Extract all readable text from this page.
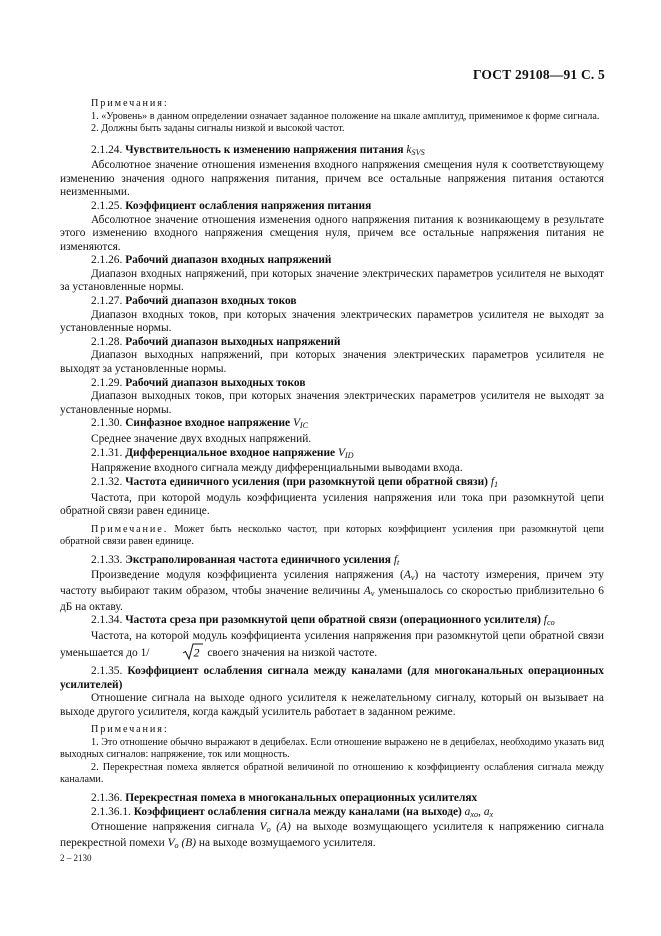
ГОСТ 29108—91 С. 5

Примечания:

1. «Уровень» в данном определении означает заданное положение на шкале амплитуд, применимое к форме сигнала.

2. Должны быть заданы сигналы низкой и высокой частот.

2.1.24. Чувствительность к изменению напряжения питания $k_{SVS}$

Абсолютное значение отношения изменения входного напряжения смещения нуля к соответствующему изменению значения одного напряжения питания, причем все остальные напряжения питания остаются неизменными.

2.1.25. Коэффициент ослабления напряжения питания

Абсолютное значение отношения изменения одного напряжения питания к возникающему в результате этого изменению входного напряжения смещения нуля, причем все остальные напряжения питания не изменяются.

2.1.26. Рабочий диапазон входных напряжений

Диапазон входных напряжений, при которых значение электрических параметров усилителя не выходят за установленные нормы.

2.1.27. Рабочий диапазон входных токов

Диапазон входных токов, при которых значения электрических параметров усилителя не выходят за установленные нормы.

2.1.28. Рабочий диапазон выходных напряжений

Диапазон выходных напряжений, при которых значения электрических параметров усилителя не выходят за установленные нормы.

2.1.29. Рабочий диапазон выходных токов

Диапазон выходных токов, при которых значения электрических параметров усилителя не выходят за установленные нормы.

2.1.30. Синфазное входное напряжение $V_{IC}$

Среднее значение двух входных напряжений.

2.1.31. Дифференциальное входное напряжение $V_{ID}$

Напряжение входного сигнала между дифференциальными выводами входа.

2.1.32. Частота единичного усиления (при разомкнутой цепи обратной связи) $f_1$

Частота, при которой модуль коэффициента усиления напряжения или тока при разомкнутой цепи обратной связи равен единице.

Примечание. Может быть несколько частот, при которых коэффициент усиления при разомкнутой цепи обратной связи равен единице.

2.1.33. Экстраполированная частота единичного усиления $f_t$

Произведение модуля коэффициента усиления напряжения $(A_v)$ на частоту измерения, причем эту частоту выбирают таким образом, чтобы значение величины $A_v$ уменьшалось со скоростью приблизительно 6 дБ на октаву.

2.1.34. Частота среза при разомкнутой цепи обратной связи (операционного усилителя) $f_{co}$

Частота, на которой модуль коэффициента усиления напряжения при разомкнутой цепи обратной связи уменьшается до 1/	2 своего значения на низкой частоте.

2.1.35. Коэффициент ослабления сигнала между каналами (для многоканальных операционных усилителей)

Отношение сигнала на выходе одного усилителя к нежелательному сигналу, который он вызывает на выходе другого усилителя, когда каждый усилитель работает в заданном режиме.

Примечания:

1. Это отношение обычно выражают в децибелах. Если отношение выражено не в децибелах, необходимо указать вид выходных сигналов: напряжение, ток или мощность.

2. Перекрестная помеха является обратной величиной по отношению к коэффициенту ослабления сигнала между каналами.

2.1.36. Перекрестная помеха в многоканальных операционных усилителях

2.1.36.1. Коэффициент ослабления сигнала между каналами (на выходе) $a_{xo}$, $a_x$

Отношение напряжения сигнала $V_o$ (A) на выходе возмущающего усилителя к напряжению сигнала перекрестной помехи $V_o$ (B) на выходе возмущаемого усилителя.

2 – 2130
